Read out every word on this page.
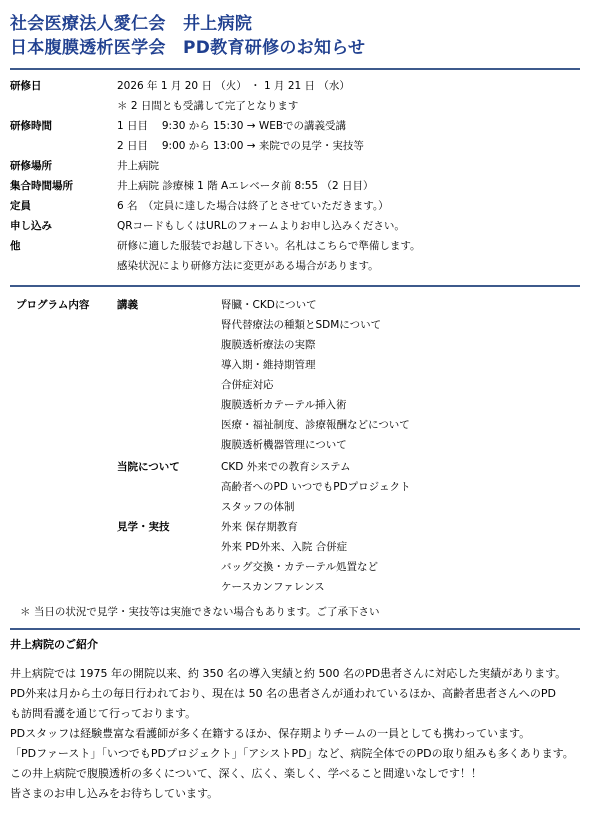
社会医療法人愛仁会　井上病院
日本腹膜透析医学会　PD教育研修のお知らせ
研修日	2026 年 1 月 20 日 （火） ・ 1 月 21 日 （水）
＊ 2 日間とも受講して完了となります
研修時間	1 日目　 9:30 から 15:30 → WEBでの講義受講
2 日目　 9:00 から 13:00 → 来院での見学・実技等
研修場所	井上病院
集合時間場所	井上病院 診療棟 1 階 Aエレベータ前 8:55 （2 日目）
定員	6 名　（定員に達した場合は終了とさせていただきます。）
申し込み	QRコードもしくはURLのフォームよりお申し込みください。
他	研修に適した服装でお越し下さい。名札はこちらで準備します。
感染状況により研修方法に変更がある場合があります。
プログラム内容	講義	腎臓・CKDについて
腎代替療法の種類とSDMについて
腹膜透析療法の実際
導入期・維持期管理
合併症対応
腹膜透析カテーテル挿入術
医療・福祉制度、診療報酬などについて
腹膜透析機器管理について
当院について	CKD 外来での教育システム
高齢者へのPD いつでもPDプロジェクト
スタッフの体制
見学・実技	外来 保存期教育
外来 PD外来、入院 合併症
バッグ交換・カテーテル処置など
ケースカンファレンス
＊ 当日の状況で見学・実技等は実施できない場合もあります。ご了承下さい
井上病院のご紹介
井上病院では 1975 年の開院以来、約 350 名の導入実績と約 500 名のPD患者さんに対応した実績があります。
PD外来は月から土の毎日行われており、現在は 50 名の患者さんが通われているほか、高齢者患者さんへのPD
も訪問看護を通じて行っております。
PDスタッフは経験豊富な看護師が多く在籍するほか、保存期よりチームの一員としても携わっています。
「PDファースト」「いつでもPDプロジェクト」「アシストPD」など、病院全体でのPDの取り組みも多くあります。
この井上病院で腹膜透析の多くについて、深く、広く、楽しく、学べること間違いなしです！！
皆さまのお申し込みをお待ちしています。
